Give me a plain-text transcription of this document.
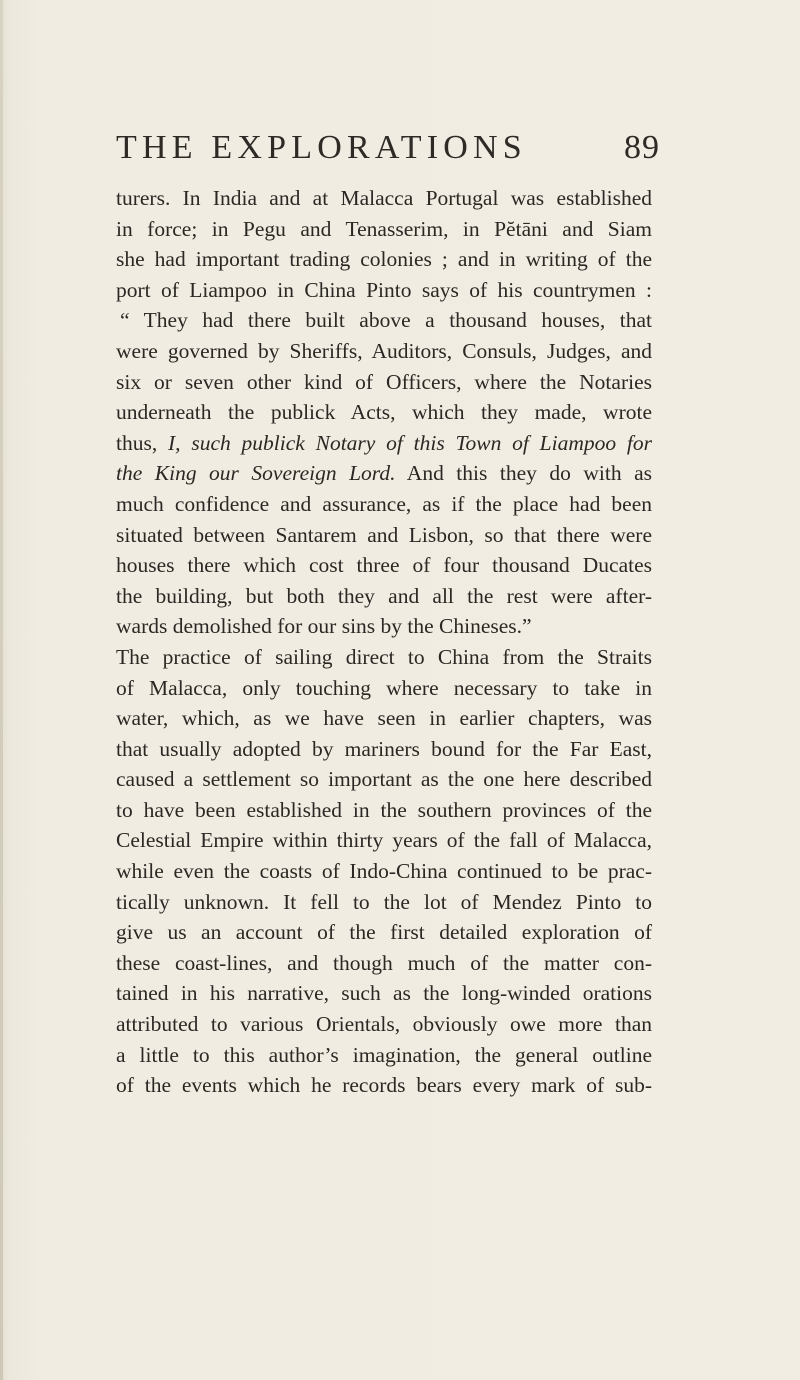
THE EXPLORATIONS	89
turers. In India and at Malacca Portugal was established
in force; in Pegu and Tenasserim, in Pĕtāni and Siam
she had important trading colonies ; and in writing of the
port of Liampoo in China Pinto says of his countrymen :
“ They had there built above a thousand houses, that
were governed by Sheriffs, Auditors, Consuls, Judges, and
six or seven other kind of Officers, where the Notaries
underneath the publick Acts, which they made, wrote
thus, I, such publick Notary of this Town of Liampoo for
the King our Sovereign Lord. And this they do with as
much confidence and assurance, as if the place had been
situated between Santarem and Lisbon, so that there were
houses there which cost three of four thousand Ducates
the building, but both they and all the rest were after-
wards demolished for our sins by the Chineses.”
The practice of sailing direct to China from the Straits
of Malacca, only touching where necessary to take in
water, which, as we have seen in earlier chapters, was
that usually adopted by mariners bound for the Far East,
caused a settlement so important as the one here described
to have been established in the southern provinces of the
Celestial Empire within thirty years of the fall of Malacca,
while even the coasts of Indo-China continued to be prac-
tically unknown. It fell to the lot of Mendez Pinto to
give us an account of the first detailed exploration of
these coast-lines, and though much of the matter con-
tained in his narrative, such as the long-winded orations
attributed to various Orientals, obviously owe more than
a little to this author’s imagination, the general outline
of the events which he records bears every mark of sub-
